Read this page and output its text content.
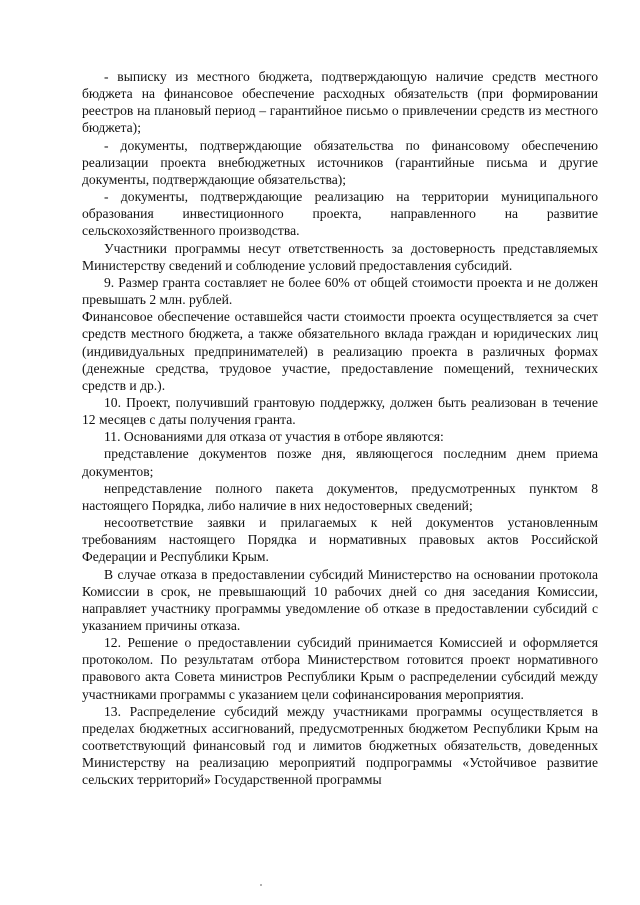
- выписку из местного бюджета, подтверждающую наличие средств местного бюджета на финансовое обеспечение расходных обязательств (при формировании реестров на плановый период – гарантийное письмо о привлечении средств из местного бюджета);

- документы, подтверждающие обязательства по финансовому обеспечению реализации проекта внебюджетных источников (гарантийные письма и другие документы, подтверждающие обязательства);

- документы, подтверждающие реализацию на территории муниципального образования инвестиционного проекта, направленного на развитие сельскохозяйственного производства.

Участники программы несут ответственность за достоверность представляемых Министерству сведений и соблюдение условий предоставления субсидий.

9. Размер гранта составляет не более 60% от общей стоимости проекта и не должен превышать 2 млн. рублей.

Финансовое обеспечение оставшейся части стоимости проекта осуществляется за счет средств местного бюджета, а также обязательного вклада граждан и юридических лиц (индивидуальных предпринимателей) в реализацию проекта в различных формах (денежные средства, трудовое участие, предоставление помещений, технических средств и др.).

10. Проект, получивший грантовую поддержку, должен быть реализован в течение 12 месяцев с даты получения гранта.

11. Основаниями для отказа от участия в отборе являются:

представление документов позже дня, являющегося последним днем приема документов;

непредставление полного пакета документов, предусмотренных пунктом 8 настоящего Порядка, либо наличие в них недостоверных сведений;

несоответствие заявки и прилагаемых к ней документов установленным требованиям настоящего Порядка и нормативных правовых актов Российской Федерации и Республики Крым.

В случае отказа в предоставлении субсидий Министерство на основании протокола Комиссии в срок, не превышающий 10 рабочих дней со дня заседания Комиссии, направляет участнику программы уведомление об отказе в предоставлении субсидий с указанием причины отказа.

12. Решение о предоставлении субсидий принимается Комиссией и оформляется протоколом. По результатам отбора Министерством готовится проект нормативного правового акта Совета министров Республики Крым о распределении субсидий между участниками программы с указанием цели софинансирования мероприятия.

13. Распределение субсидий между участниками программы осуществляется в пределах бюджетных ассигнований, предусмотренных бюджетом Республики Крым на соответствующий финансовый год и лимитов бюджетных обязательств, доведенных Министерству на реализацию мероприятий подпрограммы «Устойчивое развитие сельских территорий» Государственной программы
